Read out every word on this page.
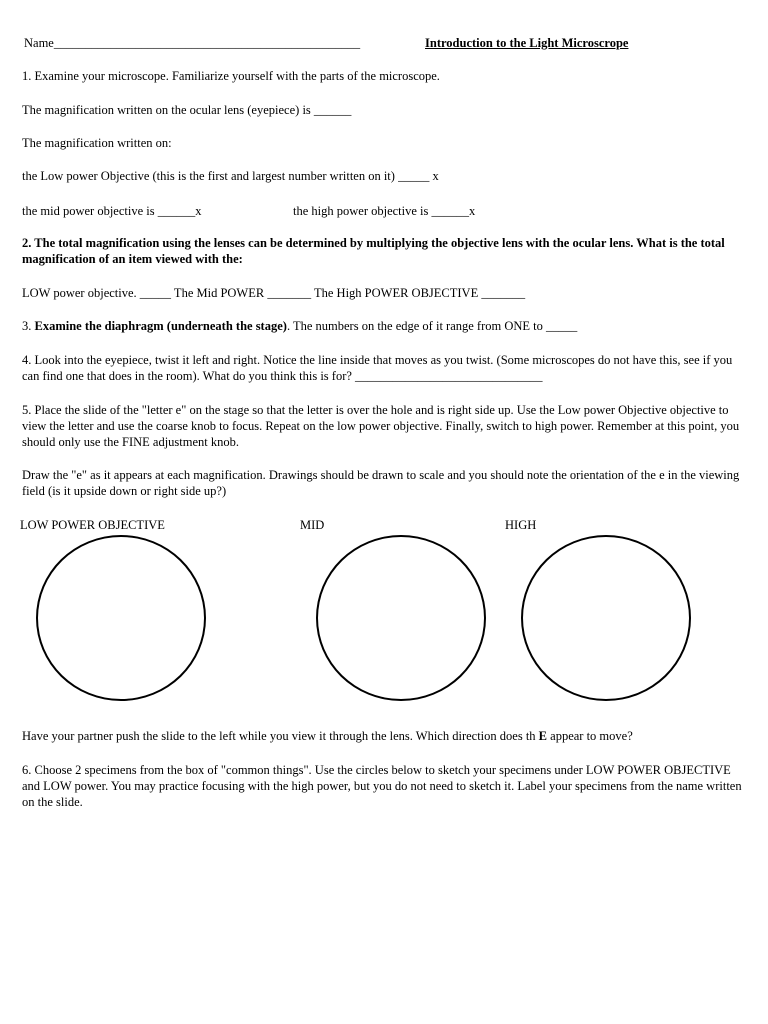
Name_________________________________________________	Introduction to the Light Microscrope
1. Examine your microscope. Familiarize yourself with the parts of the microscope.
The magnification written on the ocular lens (eyepiece) is ______
The magnification written on:
the Low power Objective (this is the first and largest number written on it) _____ x
the mid power objective is ______x	the high power objective is ______x
2. The total magnification using the lenses can be determined by multiplying the objective lens with the ocular lens. What is the total magnification of an item viewed with the:
LOW power objective. _____ The Mid POWER _______ The High POWER OBJECTIVE _______
3. Examine the diaphragm (underneath the stage). The numbers on the edge of it range from ONE to _____
4. Look into the eyepiece, twist it left and right. Notice the line inside that moves as you twist. (Some microscopes do not have this, see if you can find one that does in the room). What do you think this is for? ______________________________
5. Place the slide of the "letter e" on the stage so that the letter is over the hole and is right side up. Use the Low power Objective objective to view the letter and use the coarse knob to focus. Repeat on the low power objective. Finally, switch to high power. Remember at this point, you should only use the FINE adjustment knob.
Draw the "e" as it appears at each magnification. Drawings should be drawn to scale and you should note the orientation of the e in the viewing field (is it upside down or right side up?)
LOW POWER OBJECTIVE	MID	HIGH
Have your partner push the slide to the left while you view it through the lens. Which direction does th E appear to move?
6. Choose 2 specimens from the box of "common things". Use the circles below to sketch your specimens under LOW POWER OBJECTIVE and LOW power. You may practice focusing with the high power, but you do not need to sketch it. Label your specimens from the name written on the slide.
